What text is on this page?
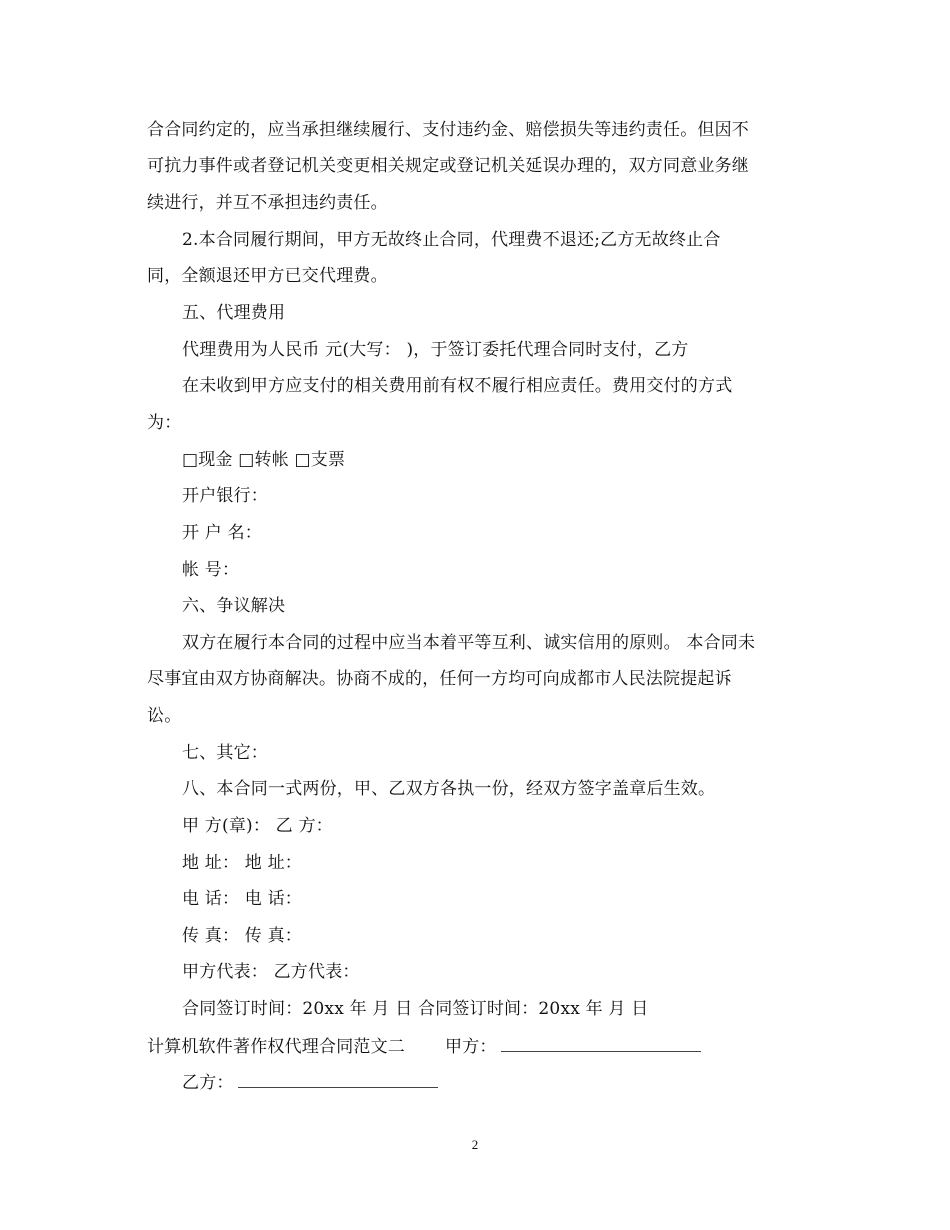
合合同约定的，应当承担继续履行、支付违约金、赔偿损失等违约责任。但因不
可抗力事件或者登记机关变更相关规定或登记机关延误办理的，双方同意业务继
续进行，并互不承担违约责任。
2.本合同履行期间，甲方无故终止合同，代理费不退还;乙方无故终止合
同，全额退还甲方已交代理费。
五、代理费用
代理费用为人民币 元(大写： )，于签订委托代理合同时支付，乙方
在未收到甲方应支付的相关费用前有权不履行相应责任。费用交付的方式
为：
□现金 □转帐 □支票
开户银行：
开 户 名：
帐 号：
六、争议解决
双方在履行本合同的过程中应当本着平等互利、诚实信用的原则。 本合同未
尽事宜由双方协商解决。协商不成的，任何一方均可向成都市人民法院提起诉
讼。
七、其它：
八、本合同一式两份，甲、乙双方各执一份，经双方签字盖章后生效。
甲 方(章)： 乙 方：
地 址： 地 址：
电 话： 电 话：
传 真： 传 真：
甲方代表： 乙方代表：
合同签订时间：20xx 年 月 日 合同签订时间：20xx 年 月 日
计算机软件著作权代理合同范文二 甲方：
乙方：
2
